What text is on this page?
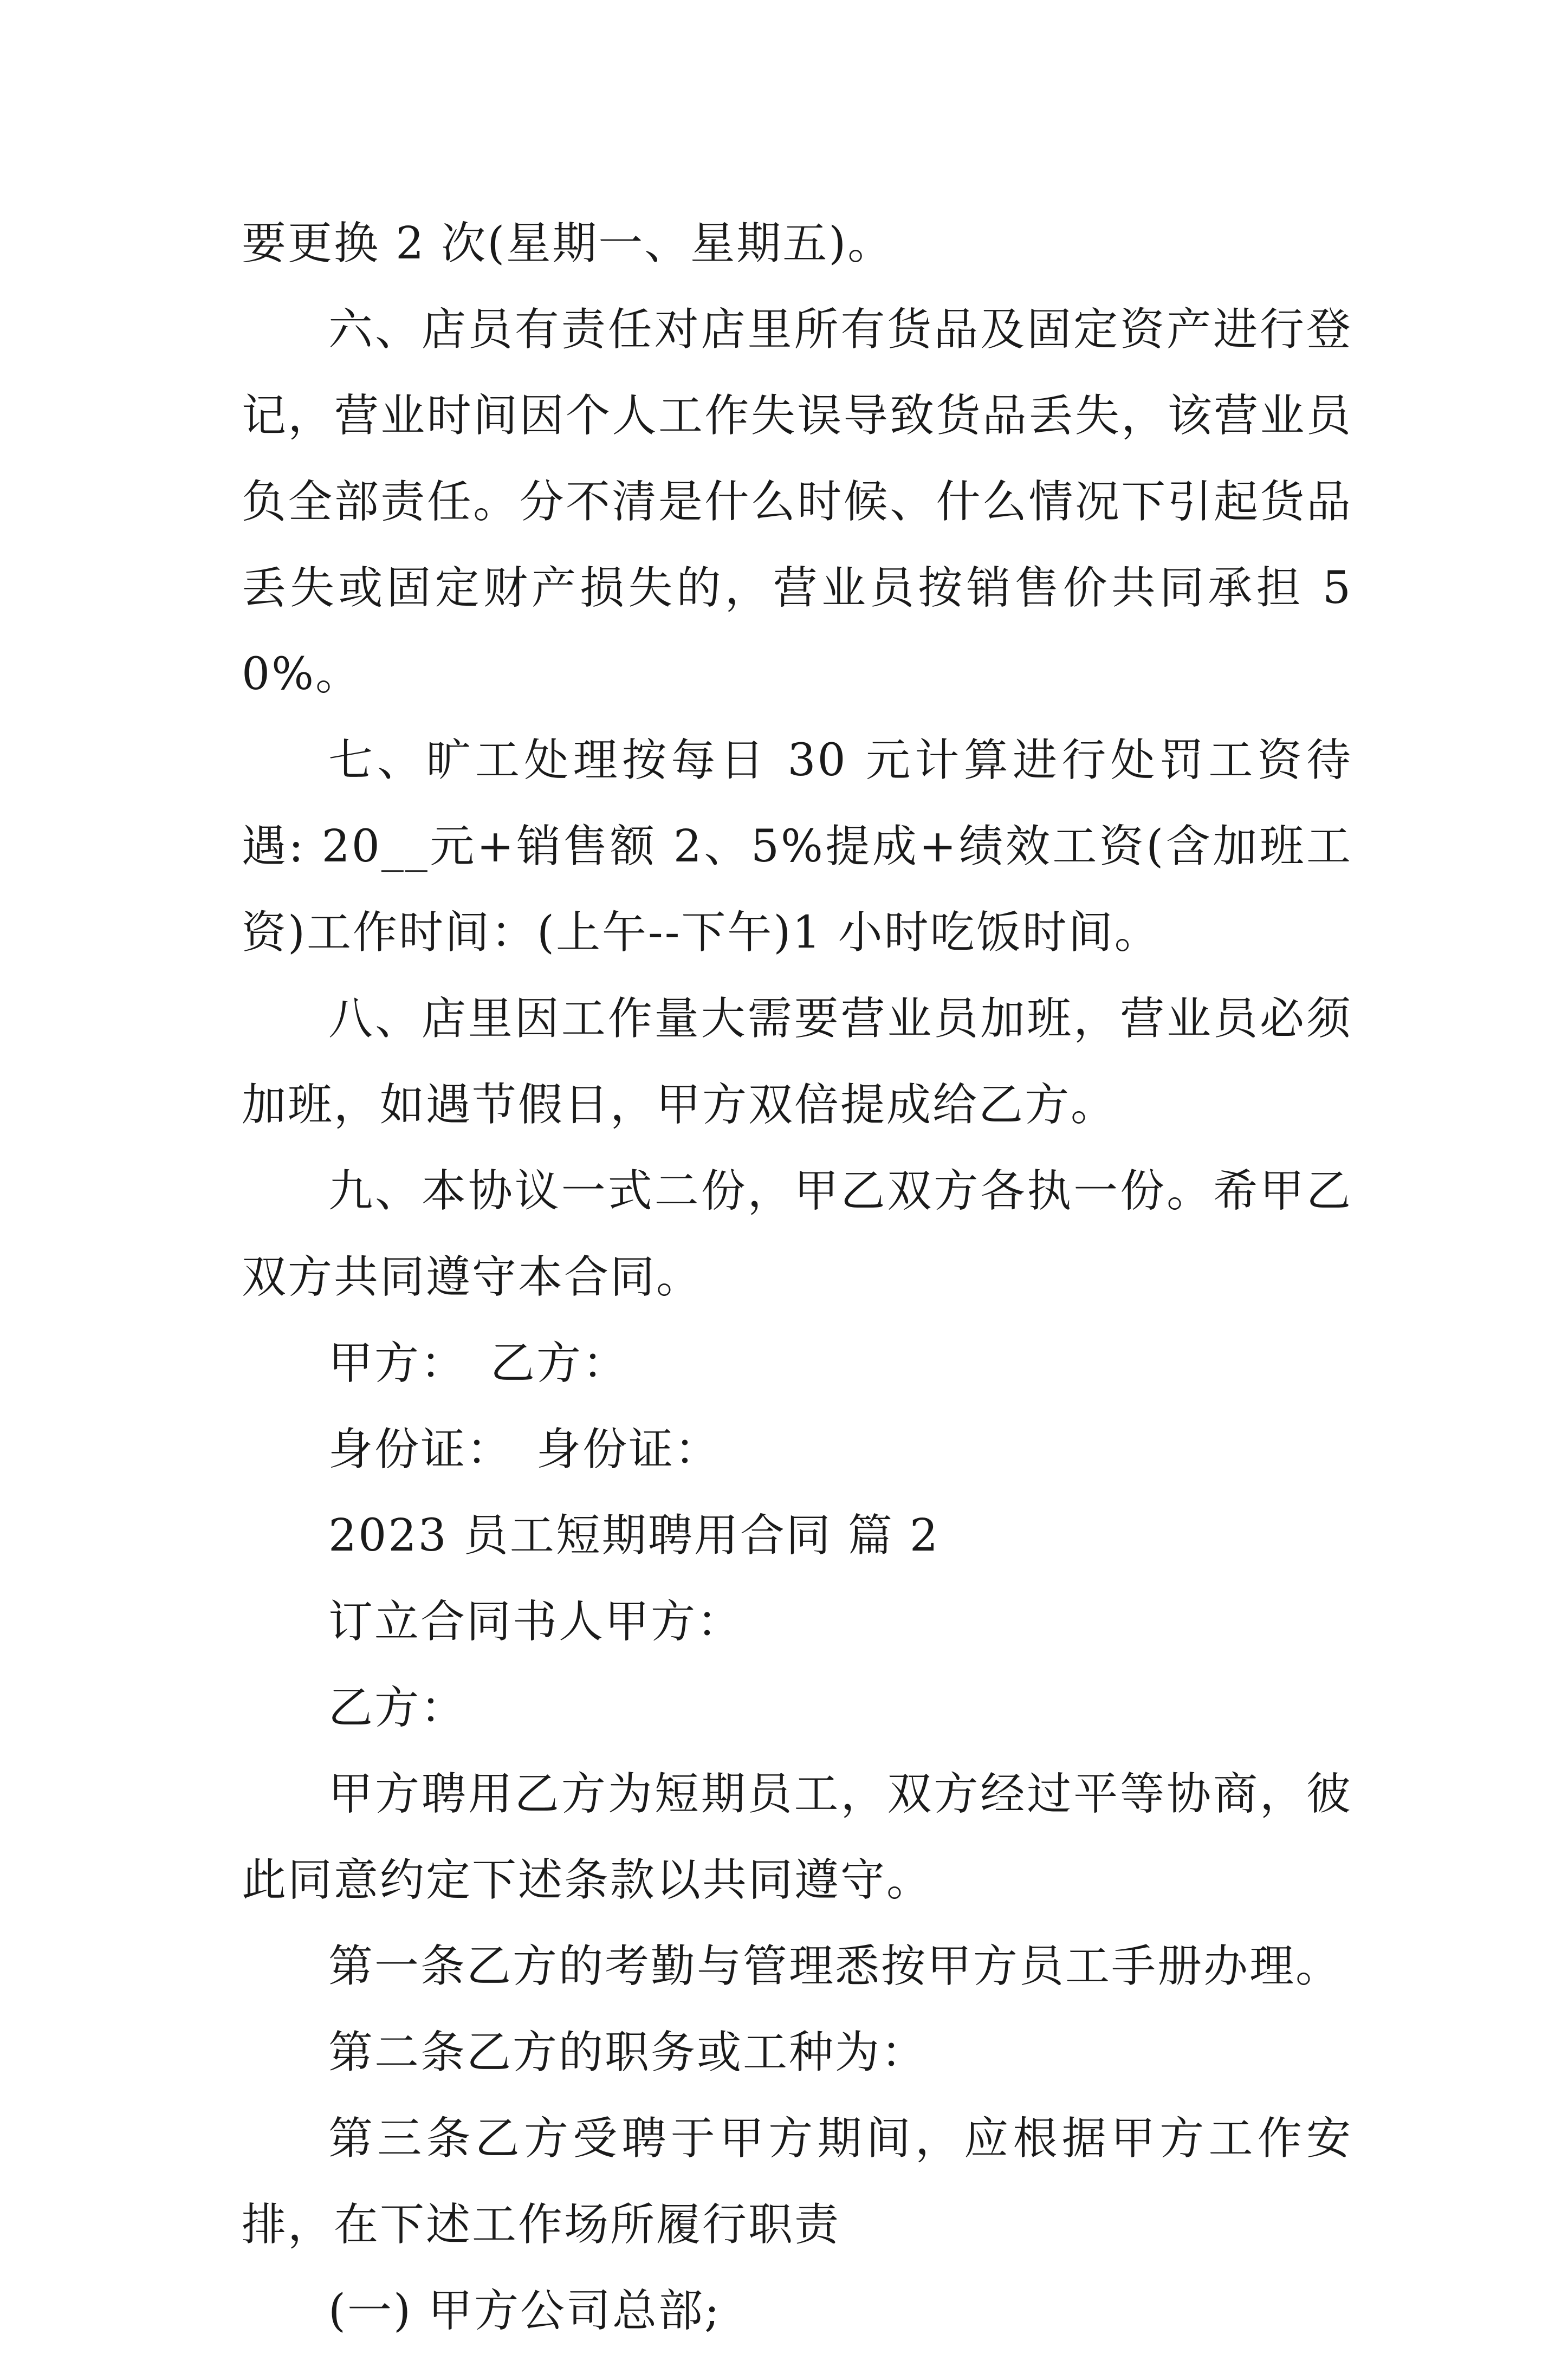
要更换 2 次(星期一、星期五)。

六、店员有责任对店里所有货品及固定资产进行登记，营业时间因个人工作失误导致货品丢失，该营业员负全部责任。分不清是什么时候、什么情况下引起货品丢失或固定财产损失的，营业员按销售价共同承担 50%。

七、旷工处理按每日 30 元计算进行处罚工资待遇: 20__元+销售额 2、5%提成+绩效工资(含加班工资)工作时间：(上午--下午)1 小时吃饭时间。

八、店里因工作量大需要营业员加班，营业员必须加班，如遇节假日，甲方双倍提成给乙方。

九、本协议一式二份，甲乙双方各执一份。希甲乙双方共同遵守本合同。

甲方：　乙方：

身份证：　身份证：

2023 员工短期聘用合同 篇 2

订立合同书人甲方：

乙方：

甲方聘用乙方为短期员工，双方经过平等协商，彼此同意约定下述条款以共同遵守。

第一条乙方的考勤与管理悉按甲方员工手册办理。

第二条乙方的职务或工种为：

第三条乙方受聘于甲方期间，应根据甲方工作安排，在下述工作场所履行职责

(一) 甲方公司总部;
